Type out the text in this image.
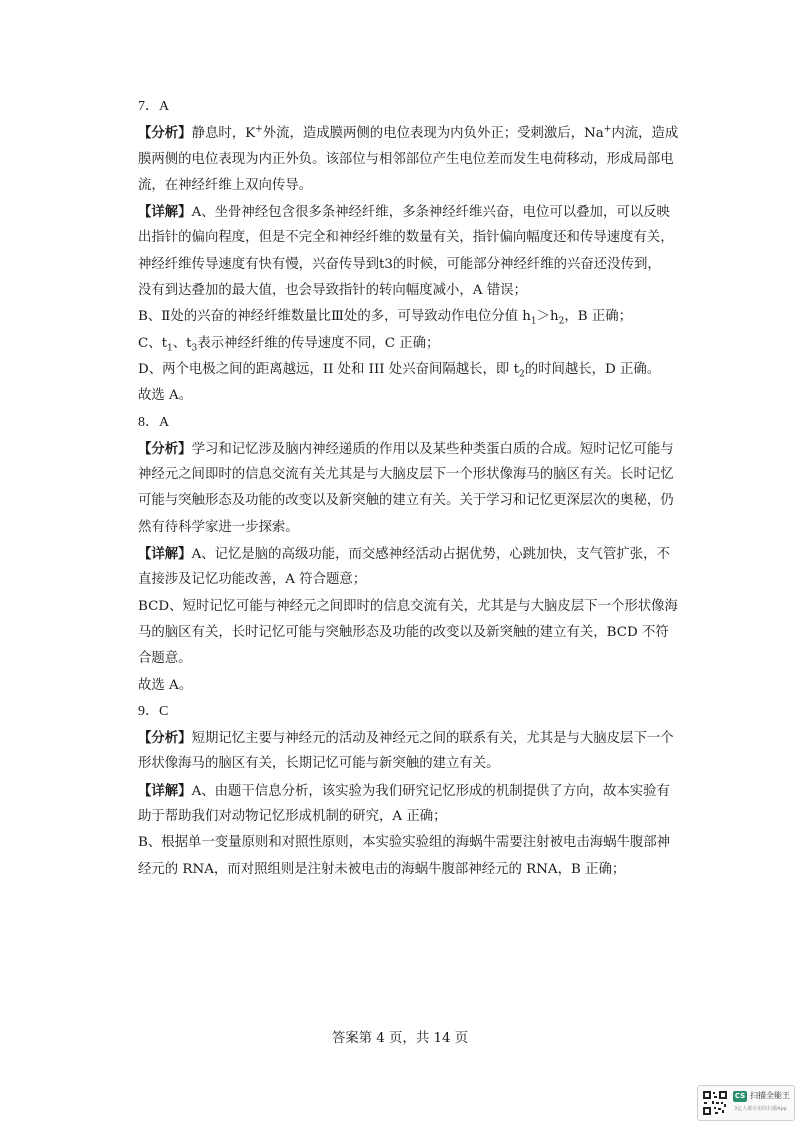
7．A
【分析】静息时，K+外流，造成膜两侧的电位表现为内负外正；受刺激后，Na+内流，造成
膜两侧的电位表现为内正外负。该部位与相邻部位产生电位差而发生电荷移动，形成局部电
流，在神经纤维上双向传导。
【详解】A、坐骨神经包含很多条神经纤维，多条神经纤维兴奋，电位可以叠加，可以反映
出指针的偏向程度，但是不完全和神经纤维的数量有关，指针偏向幅度还和传导速度有关，
神经纤维传导速度有快有慢，兴奋传导到t3的时候，可能部分神经纤维的兴奋还没传到，
没有到达叠加的最大值，也会导致指针的转向幅度减小，A 错误；
B、Ⅱ处的兴奋的神经纤维数量比Ⅲ处的多，可导致动作电位分值 $h_1>h_2$，B 正确；
C、$t_1$、$t_3$表示神经纤维的传导速度不同，C 正确；
D、两个电极之间的距离越远，II 处和 III 处兴奋间隔越长，即 $t_2$的时间越长，D 正确。
故选 A。
8．A
【分析】学习和记忆涉及脑内神经递质的作用以及某些种类蛋白质的合成。短时记忆可能与
神经元之间即时的信息交流有关尤其是与大脑皮层下一个形状像海马的脑区有关。长时记忆
可能与突触形态及功能的改变以及新突触的建立有关。关于学习和记忆更深层次的奥秘，仍
然有待科学家进一步探索。
【详解】A、记忆是脑的高级功能，而交感神经活动占据优势，心跳加快，支气管扩张，不
直接涉及记忆功能改善，A 符合题意；
BCD、短时记忆可能与神经元之间即时的信息交流有关，尤其是与大脑皮层下一个形状像海
马的脑区有关，长时记忆可能与突触形态及功能的改变以及新突触的建立有关，BCD 不符
合题意。
故选 A。
9．C
【分析】短期记忆主要与神经元的活动及神经元之间的联系有关，尤其是与大脑皮层下一个
形状像海马的脑区有关，长期记忆可能与新突触的建立有关。
【详解】A、由题干信息分析，该实验为我们研究记忆形成的机制提供了方向，故本实验有
助于帮助我们对动物记忆形成机制的研究，A 正确；
B、根据单一变量原则和对照性原则，本实验实验组的海蜗牛需要注射被电击海蜗牛腹部神
经元的 RNA，而对照组则是注射未被电击的海蜗牛腹部神经元的 RNA，B 正确；
答案第 4 页，共 14 页
CS 扫描全能王
3亿人都在用的扫描App
